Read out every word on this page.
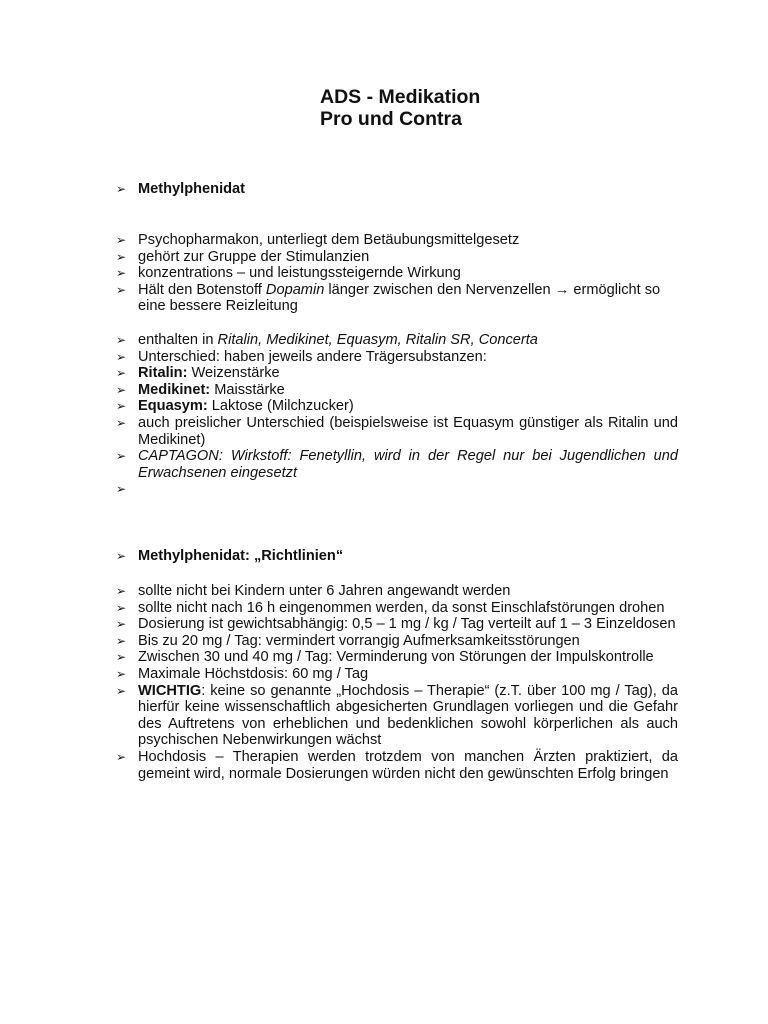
ADS - Medikation
Pro und Contra
➢ Methylphenidat
➢ Psychopharmakon, unterliegt dem Betäubungsmittelgesetz
➢ gehört zur Gruppe der Stimulanzien
➢ konzentrations – und leistungssteigernde Wirkung
➢ Hält den Botenstoff Dopamin länger zwischen den Nervenzellen → ermöglicht so eine bessere Reizleitung
➢ enthalten in Ritalin, Medikinet, Equasym, Ritalin SR, Concerta
➢ Unterschied: haben jeweils andere Trägersubstanzen:
➢ Ritalin: Weizenstärke
➢ Medikinet: Maisstärke
➢ Equasym: Laktose (Milchzucker)
➢ auch preislicher Unterschied (beispielsweise ist Equasym günstiger als Ritalin und Medikinet)
➢ CAPTAGON: Wirkstoff: Fenetyllin, wird in der Regel nur bei Jugendlichen und Erwachsenen eingesetzt
➢

➢ Methylphenidat: „Richtlinien“
➢ sollte nicht bei Kindern unter 6 Jahren angewandt werden
➢ sollte nicht nach 16 h eingenommen werden, da sonst Einschlafstörungen drohen
➢ Dosierung ist gewichtsabhängig: 0,5 – 1 mg / kg / Tag verteilt auf 1 – 3 Einzeldosen
➢ Bis zu 20 mg / Tag: vermindert vorrangig Aufmerksamkeitsstörungen
➢ Zwischen 30 und 40 mg / Tag: Verminderung von Störungen der Impulskontrolle
➢ Maximale Höchstdosis: 60 mg / Tag
➢ WICHTIG: keine so genannte „Hochdosis – Therapie“ (z.T. über 100 mg / Tag), da hierfür keine wissenschaftlich abgesicherten Grundlagen vorliegen und die Gefahr des Auftretens von erheblichen und bedenklichen sowohl körperlichen als auch psychischen Nebenwirkungen wächst
➢ Hochdosis – Therapien werden trotzdem von manchen Ärzten praktiziert, da gemeint wird, normale Dosierungen würden nicht den gewünschten Erfolg bringen
